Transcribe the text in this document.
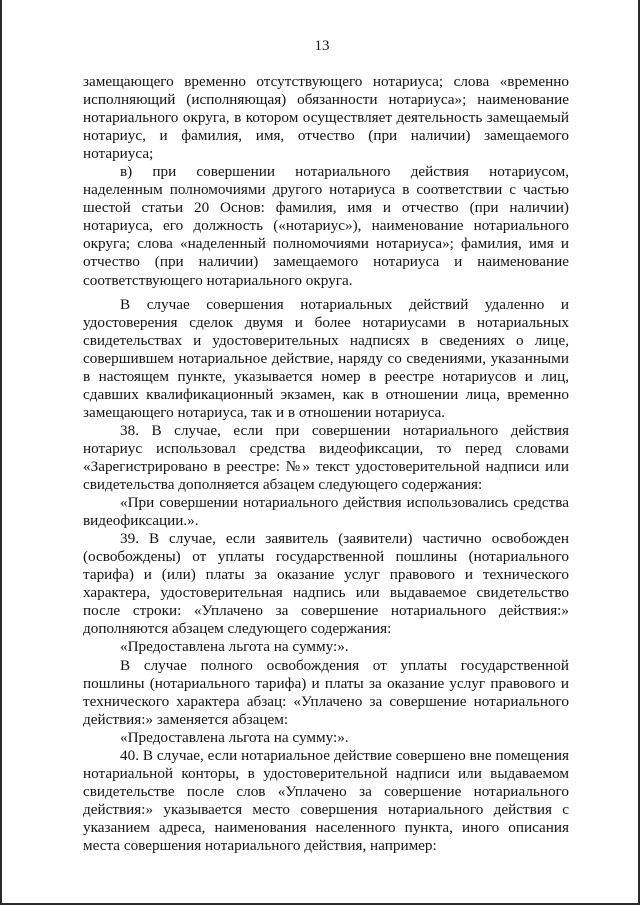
13

замещающего временно отсутствующего нотариуса; слова «временно исполняющий (исполняющая) обязанности нотариуса»; наименование нотариального округа, в котором осуществляет деятельность замещаемый нотариус, и фамилия, имя, отчество (при наличии) замещаемого нотариуса;

в) при совершении нотариального действия нотариусом, наделенным полномочиями другого нотариуса в соответствии с частью шестой статьи 20 Основ: фамилия, имя и отчество (при наличии) нотариуса, его должность («нотариус»), наименование нотариального округа; слова «наделенный полномочиями нотариуса»; фамилия, имя и отчество (при наличии) замещаемого нотариуса и наименование соответствующего нотариального округа.

В случае совершения нотариальных действий удаленно и удостоверения сделок двумя и более нотариусами в нотариальных свидетельствах и удостоверительных надписях в сведениях о лице, совершившем нотариальное действие, наряду со сведениями, указанными в настоящем пункте, указывается номер в реестре нотариусов и лиц, сдавших квалификационный экзамен, как в отношении лица, временно замещающего нотариуса, так и в отношении нотариуса.

38. В случае, если при совершении нотариального действия нотариус использовал средства видеофиксации, то перед словами «Зарегистрировано в реестре: №» текст удостоверительной надписи или свидетельства дополняется абзацем следующего содержания:

«При совершении нотариального действия использовались средства видеофиксации.».

39. В случае, если заявитель (заявители) частично освобожден (освобождены) от уплаты государственной пошлины (нотариального тарифа) и (или) платы за оказание услуг правового и технического характера, удостоверительная надпись или выдаваемое свидетельство после строки: «Уплачено за совершение нотариального действия:» дополняются абзацем следующего содержания:

«Предоставлена льгота на сумму:».

В случае полного освобождения от уплаты государственной пошлины (нотариального тарифа) и платы за оказание услуг правового и технического характера абзац: «Уплачено за совершение нотариального действия:» заменяется абзацем:

«Предоставлена льгота на сумму:».

40. В случае, если нотариальное действие совершено вне помещения нотариальной конторы, в удостоверительной надписи или выдаваемом свидетельстве после слов «Уплачено за совершение нотариального действия:» указывается место совершения нотариального действия с указанием адреса, наименования населенного пункта, иного описания места совершения нотариального действия, например:
